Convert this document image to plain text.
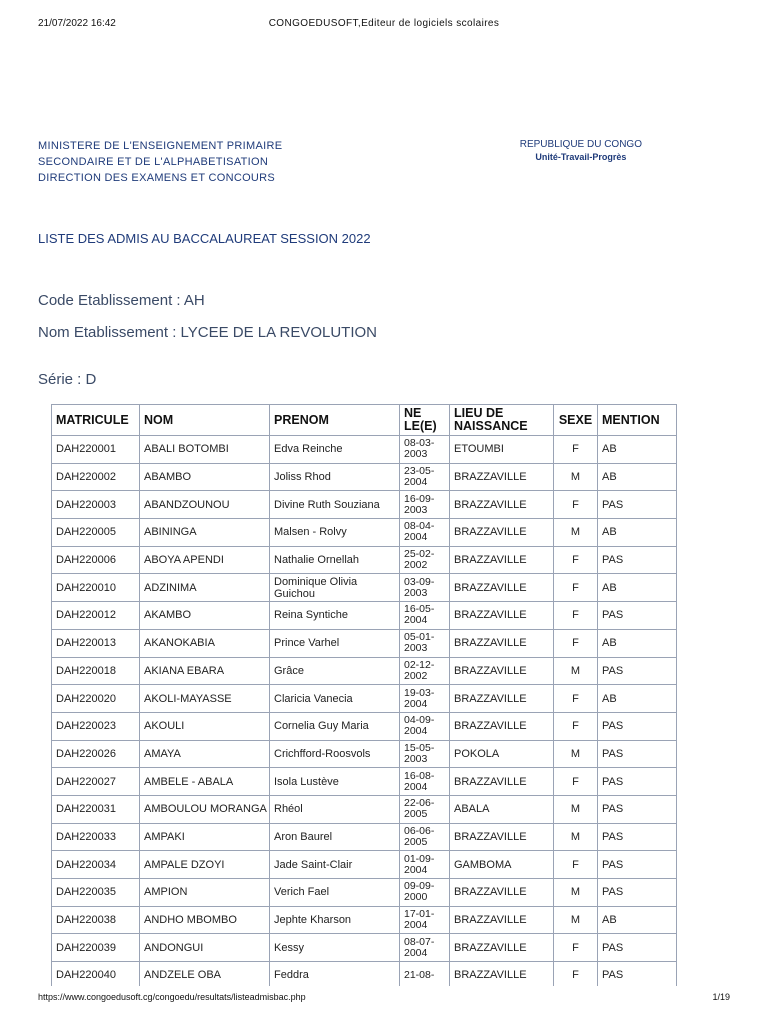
21/07/2022 16:42	CONGOEDUSOFT,Editeur de logiciels scolaires
MINISTERE DE L'ENSEIGNEMENT PRIMAIRE
SECONDAIRE ET DE L'ALPHABETISATION
DIRECTION DES EXAMENS ET CONCOURS
REPUBLIQUE DU CONGO
Unité-Travail-Progrès
LISTE DES ADMIS AU BACCALAUREAT SESSION 2022
Code Etablissement : AH
Nom Etablissement : LYCEE DE LA REVOLUTION
Série : D
MATRICULE	NOM	PRENOM	NE LE(E)	LIEU DE NAISSANCE	SEXE	MENTION
DAH220001	ABALI BOTOMBI	Edva Reinche	08-03-2003	ETOUMBI	F	AB
DAH220002	ABAMBO	Joliss Rhod	23-05-2004	BRAZZAVILLE	M	AB
DAH220003	ABANDZOUNOU	Divine Ruth Souziana	16-09-2003	BRAZZAVILLE	F	PAS
DAH220005	ABININGA	Malsen - Rolvy	08-04-2004	BRAZZAVILLE	M	AB
DAH220006	ABOYA APENDI	Nathalie Ornellah	25-02-2002	BRAZZAVILLE	F	PAS
DAH220010	ADZINIMA	Dominique Olivia Guichou	03-09-2003	BRAZZAVILLE	F	AB
DAH220012	AKAMBO	Reina Syntiche	16-05-2004	BRAZZAVILLE	F	PAS
DAH220013	AKANOKABIA	Prince Varhel	05-01-2003	BRAZZAVILLE	F	AB
DAH220018	AKIANA EBARA	Grâce	02-12-2002	BRAZZAVILLE	M	PAS
DAH220020	AKOLI-MAYASSE	Claricia Vanecia	19-03-2004	BRAZZAVILLE	F	AB
DAH220023	AKOULI	Cornelia Guy Maria	04-09-2004	BRAZZAVILLE	F	PAS
DAH220026	AMAYA	Crichfford-Roosvols	15-05-2003	POKOLA	M	PAS
DAH220027	AMBELE - ABALA	Isola Lustève	16-08-2004	BRAZZAVILLE	F	PAS
DAH220031	AMBOULOU MORANGA	Rhéol	22-06-2005	ABALA	M	PAS
DAH220033	AMPAKI	Aron Baurel	06-06-2005	BRAZZAVILLE	M	PAS
DAH220034	AMPALE DZOYI	Jade Saint-Clair	01-09-2004	GAMBOMA	F	PAS
DAH220035	AMPION	Verich Fael	09-09-2000	BRAZZAVILLE	M	PAS
DAH220038	ANDHO MBOMBO	Jephte Kharson	17-01-2004	BRAZZAVILLE	M	AB
DAH220039	ANDONGUI	Kessy	08-07-2004	BRAZZAVILLE	F	PAS
DAH220040	ANDZELE OBA	Feddra	21-08-	BRAZZAVILLE	F	PAS
https://www.congoedusoft.cg/congoedu/resultats/listeadmisbac.php	1/19
